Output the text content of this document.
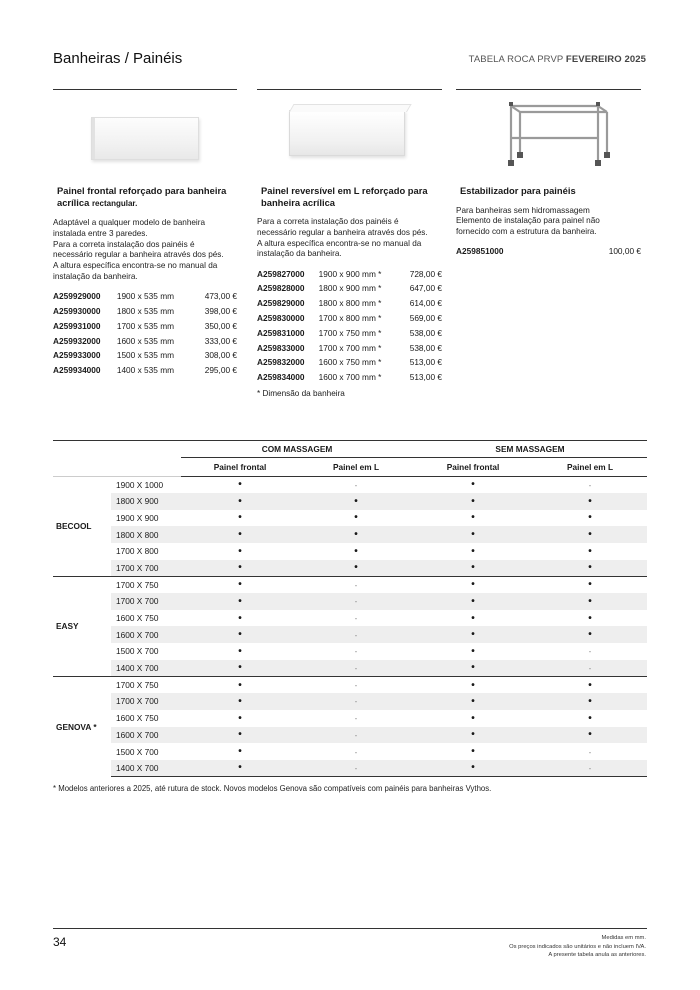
Banheiras / Painéis	TABELA ROCA PRVP FEVEREIRO 2025
Painel frontal reforçado para banheira acrílica rectangular.
Adaptável a qualquer modelo de banheira
instalada entre 3 paredes.
Para a correta instalação dos painéis é
necessário regular a banheira através dos pés.
A altura específica encontra-se no manual da
instalação da banheira.
A259929000	1900 x 535 mm	473,00 €
A259930000	1800 x 535 mm	398,00 €
A259931000	1700 x 535 mm	350,00 €
A259932000	1600 x 535 mm	333,00 €
A259933000	1500 x 535 mm	308,00 €
A259934000	1400 x 535 mm	295,00 €
Painel reversível em L reforçado para banheira acrílica
Para a correta instalação dos painéis é
necessário regular a banheira através dos pés.
A altura específica encontra-se no manual da
instalação da banheira.
A259827000	1900 x 900 mm *	728,00 €
A259828000	1800 x 900 mm *	647,00 €
A259829000	1800 x 800 mm *	614,00 €
A259830000	1700 x 800 mm *	569,00 €
A259831000	1700 x 750 mm *	538,00 €
A259833000	1700 x 700 mm *	538,00 €
A259832000	1600 x 750 mm *	513,00 €
A259834000	1600 x 700 mm *	513,00 €
* Dimensão da banheira
Estabilizador para painéis
Para banheiras sem hidromassagem
Elemento de instalação para painel não
fornecido com a estrutura da banheira.
A259851000		100,00 €
		COM MASSAGEM		SEM MASSAGEM	
		Painel frontal	Painel em L	Painel frontal	Painel em L
BECOOL	1900 X 1000	•	-	•	-
	1800 X 900	•	•	•	•
	1900 X 900	•	•	•	•
	1800 X 800	•	•	•	•
	1700 X 800	•	•	•	•
	1700 X 700	•	•	•	•
EASY	1700 X 750	•	-	•	•
	1700 X 700	•	-	•	•
	1600 X 750	•	-	•	•
	1600 X 700	•	-	•	•
	1500 X 700	•	-	•	-
	1400 X 700	•	-	•	-
GENOVA *	1700 X 750	•	-	•	•
	1700 X 700	•	-	•	•
	1600 X 750	•	-	•	•
	1600 X 700	•	-	•	•
	1500 X 700	•	-	•	-
	1400 X 700	•	-	•	-
* Modelos anteriores a 2025, até rutura de stock. Novos modelos Genova são compatíveis com painéis para banheiras Vythos.
34	Medidas em mm.
Os preços indicados são unitários e não incluem IVA.
A presente tabela anula as anteriores.
